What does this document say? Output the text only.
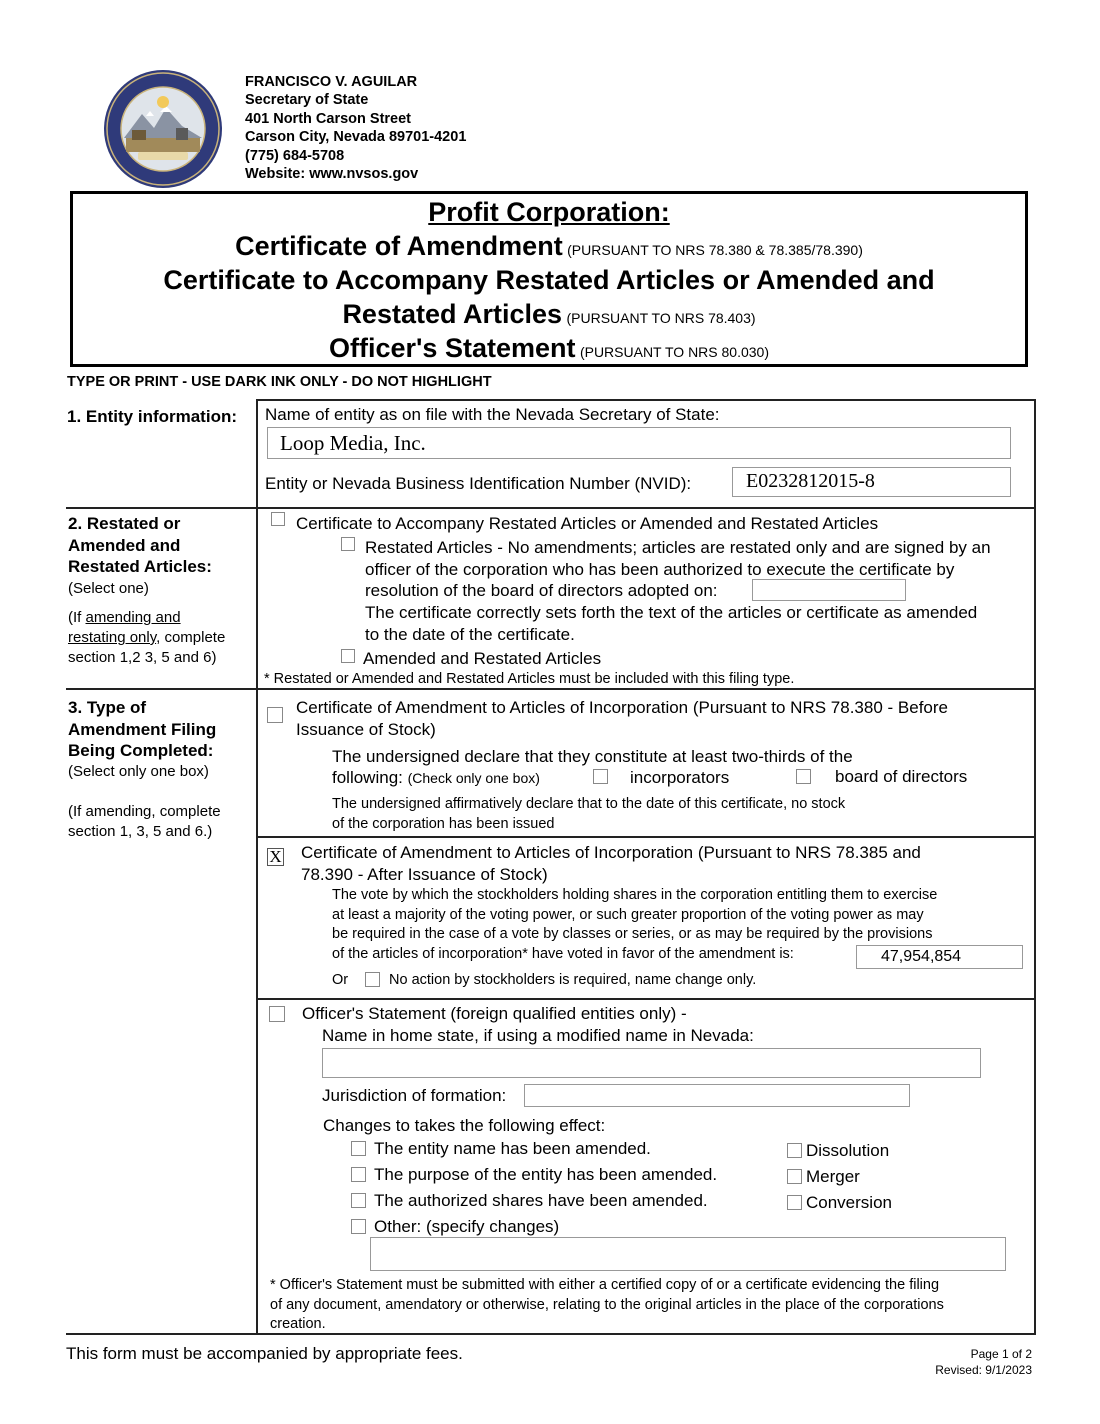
FRANCISCO V. AGUILAR
Secretary of State
401 North Carson Street
Carson City, Nevada 89701-4201
(775) 684-5708
Website: www.nvsos.gov
Profit Corporation:
Certificate of Amendment (PURSUANT TO NRS 78.380 & 78.385/78.390)
Certificate to Accompany Restated Articles or Amended and
Restated Articles (PURSUANT TO NRS 78.403)
Officer's Statement (PURSUANT TO NRS 80.030)
TYPE OR PRINT - USE DARK INK ONLY - DO NOT HIGHLIGHT
1. Entity information: Name of entity as on file with the Nevada Secretary of State:
Loop Media, Inc.
Entity or Nevada Business Identification Number (NVID):	E0232812015-8
2. Restated or
Amended and
Restated Articles:
(Select one)
(If amending and
restating only, complete
section 1,2 3, 5 and 6)
Certificate to Accompany Restated Articles or Amended and Restated Articles
Restated Articles - No amendments; articles are restated only and are signed by an
officer of the corporation who has been authorized to execute the certificate by
resolution of the board of directors adopted on:
The certificate correctly sets forth the text of the articles or certificate as amended
to the date of the certificate.
Amended and Restated Articles
* Restated or Amended and Restated Articles must be included with this filing type.
3. Type of
Amendment Filing
Being Completed:
(Select only one box)
(If amending, complete
section 1, 3, 5 and 6.)
Certificate of Amendment to Articles of Incorporation (Pursuant to NRS 78.380 - Before
Issuance of Stock)
The undersigned declare that they constitute at least two-thirds of the
following: (Check only one box)	incorporators	board of directors
The undersigned affirmatively declare that to the date of this certificate, no stock
of the corporation has been issued
X Certificate of Amendment to Articles of Incorporation (Pursuant to NRS 78.385 and
78.390 - After Issuance of Stock)
The vote by which the stockholders holding shares in the corporation entitling them to exercise
at least a majority of the voting power, or such greater proportion of the voting power as may
be required in the case of a vote by classes or series, or as may be required by the provisions
of the articles of incorporation* have voted in favor of the amendment is:	47,954,854
Or	No action by stockholders is required, name change only.
Officer's Statement (foreign qualified entities only) -
Name in home state, if using a modified name in Nevada:
Jurisdiction of formation:
Changes to takes the following effect:
The entity name has been amended.
The purpose of the entity has been amended.
The authorized shares have been amended.
Other: (specify changes)
Dissolution
Merger
Conversion
* Officer's Statement must be submitted with either a certified copy of or a certificate evidencing the filing
of any document, amendatory or otherwise, relating to the original articles in the place of the corporations
creation.
This form must be accompanied by appropriate fees.	Page 1 of 2
Revised: 9/1/2023
